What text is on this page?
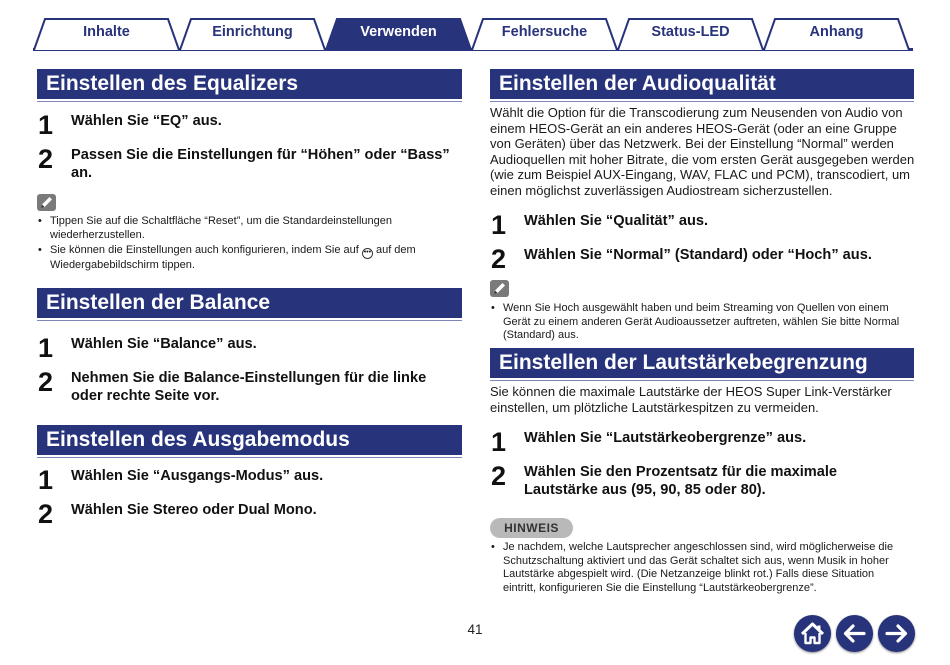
Inhalte	Einrichtung	Verwenden	Fehlersuche	Status-LED	Anhang
Einstellen des Equalizers
1 Wählen Sie “EQ” aus.
2 Passen Sie die Einstellungen für “Höhen” oder “Bass”
an.
• Tippen Sie auf die Schaltfläche “Reset”, um die Standardeinstellungen
wiederherzustellen.
• Sie können die Einstellungen auch konfigurieren, indem Sie auf ••• auf dem
Wiedergabebildschirm tippen.
Einstellen der Balance
1 Wählen Sie “Balance” aus.
2 Nehmen Sie die Balance-Einstellungen für die linke
oder rechte Seite vor.
Einstellen des Ausgabemodus
1 Wählen Sie “Ausgangs-Modus” aus.
2 Wählen Sie Stereo oder Dual Mono.
Einstellen der Audioqualität
Wählt die Option für die Transcodierung zum Neusenden von Audio von
einem HEOS-Gerät an ein anderes HEOS-Gerät (oder an eine Gruppe
von Geräten) über das Netzwerk. Bei der Einstellung “Normal” werden
Audioquellen mit hoher Bitrate, die vom ersten Gerät ausgegeben werden
(wie zum Beispiel AUX-Eingang, WAV, FLAC und PCM), transcodiert, um
einen möglichst zuverlässigen Audiostream sicherzustellen.
1 Wählen Sie “Qualität” aus.
2 Wählen Sie “Normal” (Standard) oder “Hoch” aus.
• Wenn Sie Hoch ausgewählt haben und beim Streaming von Quellen von einem
Gerät zu einem anderen Gerät Audioaussetzer auftreten, wählen Sie bitte Normal
(Standard) aus.
Einstellen der Lautstärkebegrenzung
Sie können die maximale Lautstärke der HEOS Super Link-Verstärker
einstellen, um plötzliche Lautstärkespitzen zu vermeiden.
1 Wählen Sie “Lautstärkeobergrenze” aus.
2 Wählen Sie den Prozentsatz für die maximale
Lautstärke aus (95, 90, 85 oder 80).
HINWEIS
• Je nachdem, welche Lautsprecher angeschlossen sind, wird möglicherweise die
Schutzschaltung aktiviert und das Gerät schaltet sich aus, wenn Musik in hoher
Lautstärke abgespielt wird. (Die Netzanzeige blinkt rot.) Falls diese Situation
eintritt, konfigurieren Sie die Einstellung “Lautstärkeobergrenze”.
41
